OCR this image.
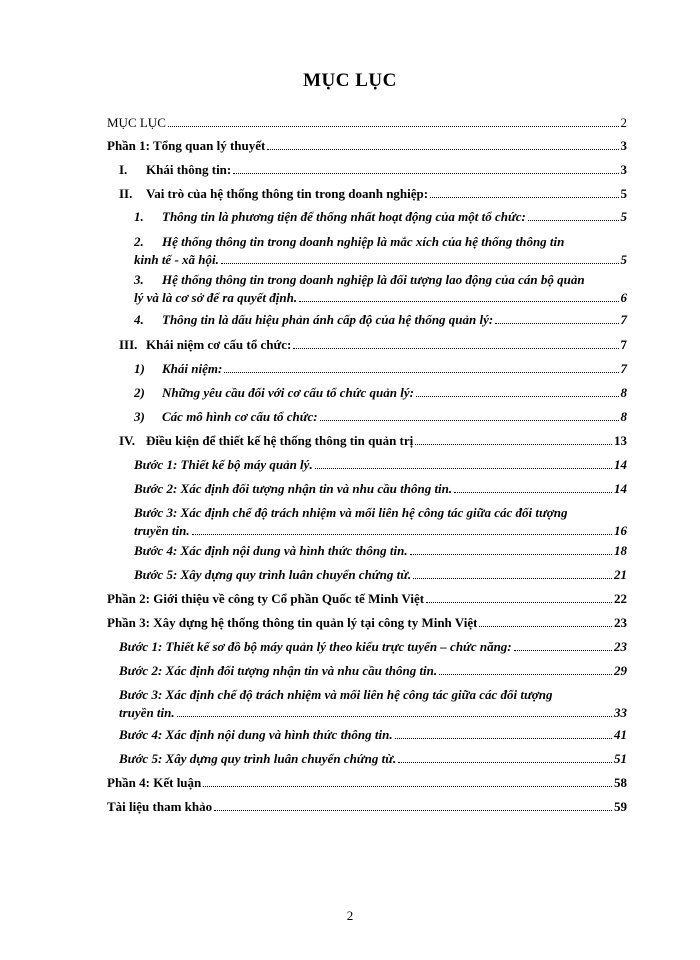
MỤC LỤC
MỤC LỤC	2
Phần 1: Tổng quan lý thuyết	3
I.	Khái thông tin:	3
II.	Vai trò của hệ thống thông tin trong doanh nghiệp:	5
1.	Thông tin là phương tiện để thống nhất hoạt động của một tổ chức:	5
2.	Hệ thống thông tin trong doanh nghiệp là mắc xích của hệ thống thông tin
kinh tế - xã hội.	5
3.	Hệ thống thông tin trong doanh nghiệp là đối tượng lao động của cán bộ quản
lý và là cơ sở để ra quyết định.	6
4.	Thông tin là dấu hiệu phản ánh cấp độ của hệ thống quản lý:	7
III. Khái niệm cơ cấu tổ chức:	7
1)	Khái niệm:	7
2)	Những yêu cầu đối với cơ cấu tổ chức quản lý:	8
3)	Các mô hình cơ cấu tổ chức:	8
IV. Điều kiện để thiết kế hệ thống thông tin quản trị	13
Bước 1: Thiết kế bộ máy quản lý.	14
Bước 2: Xác định đối tượng nhận tin và nhu cầu thông tin.	14
Bước 3: Xác định chế độ trách nhiệm và mối liên hệ công tác giữa các đối tượng
truyền tin.	16
Bước 4: Xác định nội dung và hình thức thông tin.	18
Bước 5: Xây dựng quy trình luân chuyển chứng từ.	21
Phần 2: Giới thiệu về công ty Cổ phần Quốc tế Minh Việt	22
Phần 3: Xây dựng hệ thống thông tin quản lý tại công ty Minh Việt	23
Bước 1: Thiết kế sơ đồ bộ máy quản lý theo kiểu trực tuyến – chức năng:	23
Bước 2: Xác định đối tượng nhận tin và nhu cầu thông tin.	29
Bước 3: Xác định chế độ trách nhiệm và mối liên hệ công tác giữa các đối tượng
truyền tin.	33
Bước 4: Xác định nội dung và hình thức thông tin.	41
Bước 5: Xây dựng quy trình luân chuyển chứng từ.	51
Phần 4: Kết luận	58
Tài liệu tham khảo	59
2
